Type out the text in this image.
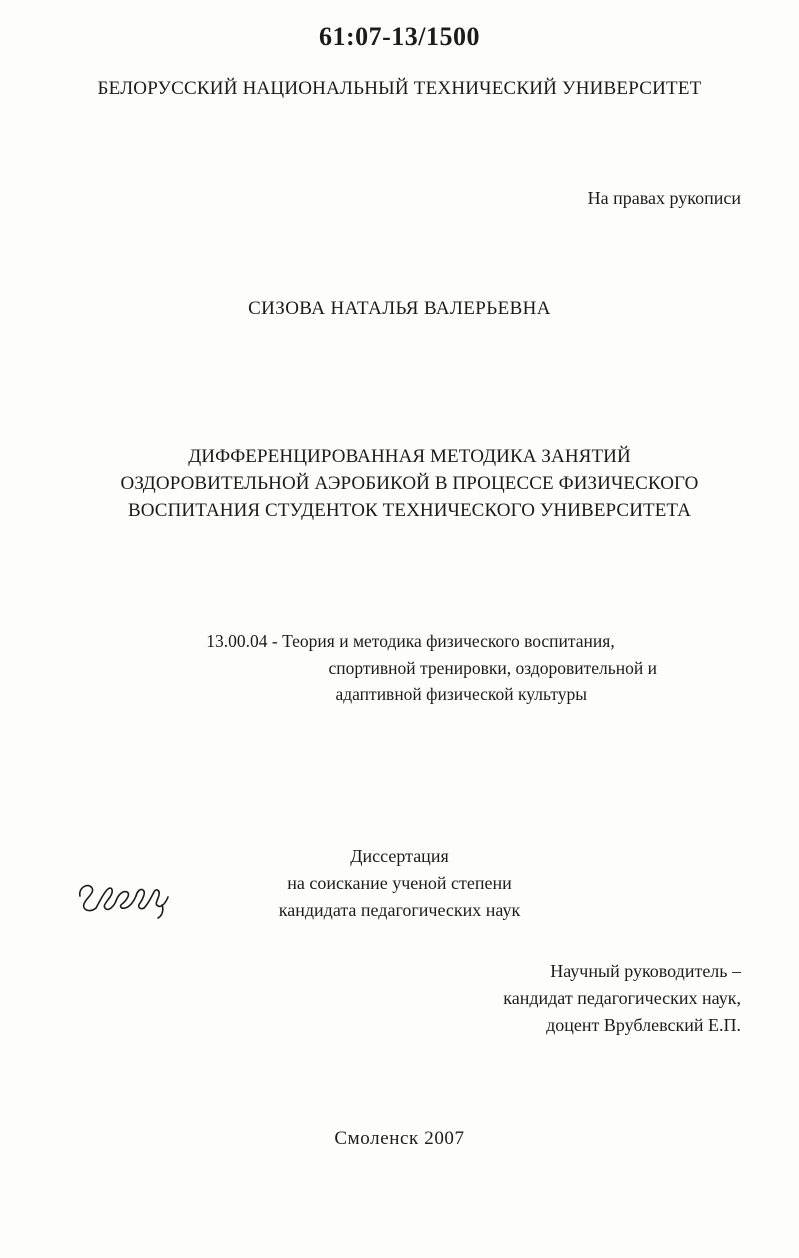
61:07-13/1500
БЕЛОРУССКИЙ НАЦИОНАЛЬНЫЙ ТЕХНИЧЕСКИЙ УНИВЕРСИТЕТ
На правах рукописи
СИЗОВА НАТАЛЬЯ ВАЛЕРЬЕВНА
ДИФФЕРЕНЦИРОВАННАЯ МЕТОДИКА ЗАНЯТИЙ
ОЗДОРОВИТЕЛЬНОЙ АЭРОБИКОЙ В ПРОЦЕССЕ ФИЗИЧЕСКОГО
ВОСПИТАНИЯ СТУДЕНТОК ТЕХНИЧЕСКОГО УНИВЕРСИТЕТА
13.00.04 - Теория и методика физического воспитания,
спортивной тренировки, оздоровительной и
адаптивной физической культуры
Диссертация
на соискание ученой степени
кандидата педагогических наук
Научный руководитель –
кандидат педагогических наук,
доцент Врублевский Е.П.
Смоленск 2007
